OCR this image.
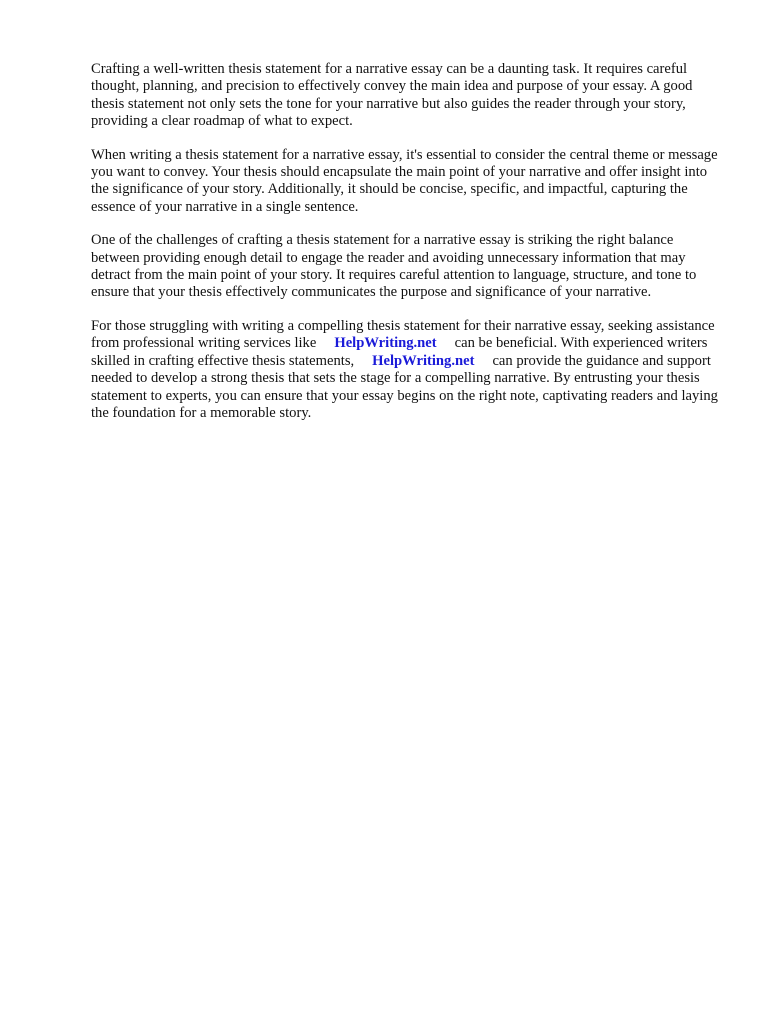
Crafting a well-written thesis statement for a narrative essay can be a daunting task. It requires careful thought, planning, and precision to effectively convey the main idea and purpose of your essay. A good thesis statement not only sets the tone for your narrative but also guides the reader through your story, providing a clear roadmap of what to expect.

When writing a thesis statement for a narrative essay, it's essential to consider the central theme or message you want to convey. Your thesis should encapsulate the main point of your narrative and offer insight into the significance of your story. Additionally, it should be concise, specific, and impactful, capturing the essence of your narrative in a single sentence.

One of the challenges of crafting a thesis statement for a narrative essay is striking the right balance between providing enough detail to engage the reader and avoiding unnecessary information that may detract from the main point of your story. It requires careful attention to language, structure, and tone to ensure that your thesis effectively communicates the purpose and significance of your narrative.

For those struggling with writing a compelling thesis statement for their narrative essay, seeking assistance from professional writing services like HelpWriting.net can be beneficial. With experienced writers skilled in crafting effective thesis statements, HelpWriting.net can provide the guidance and support needed to develop a strong thesis that sets the stage for a compelling narrative. By entrusting your thesis statement to experts, you can ensure that your essay begins on the right note, captivating readers and laying the foundation for a memorable story.
